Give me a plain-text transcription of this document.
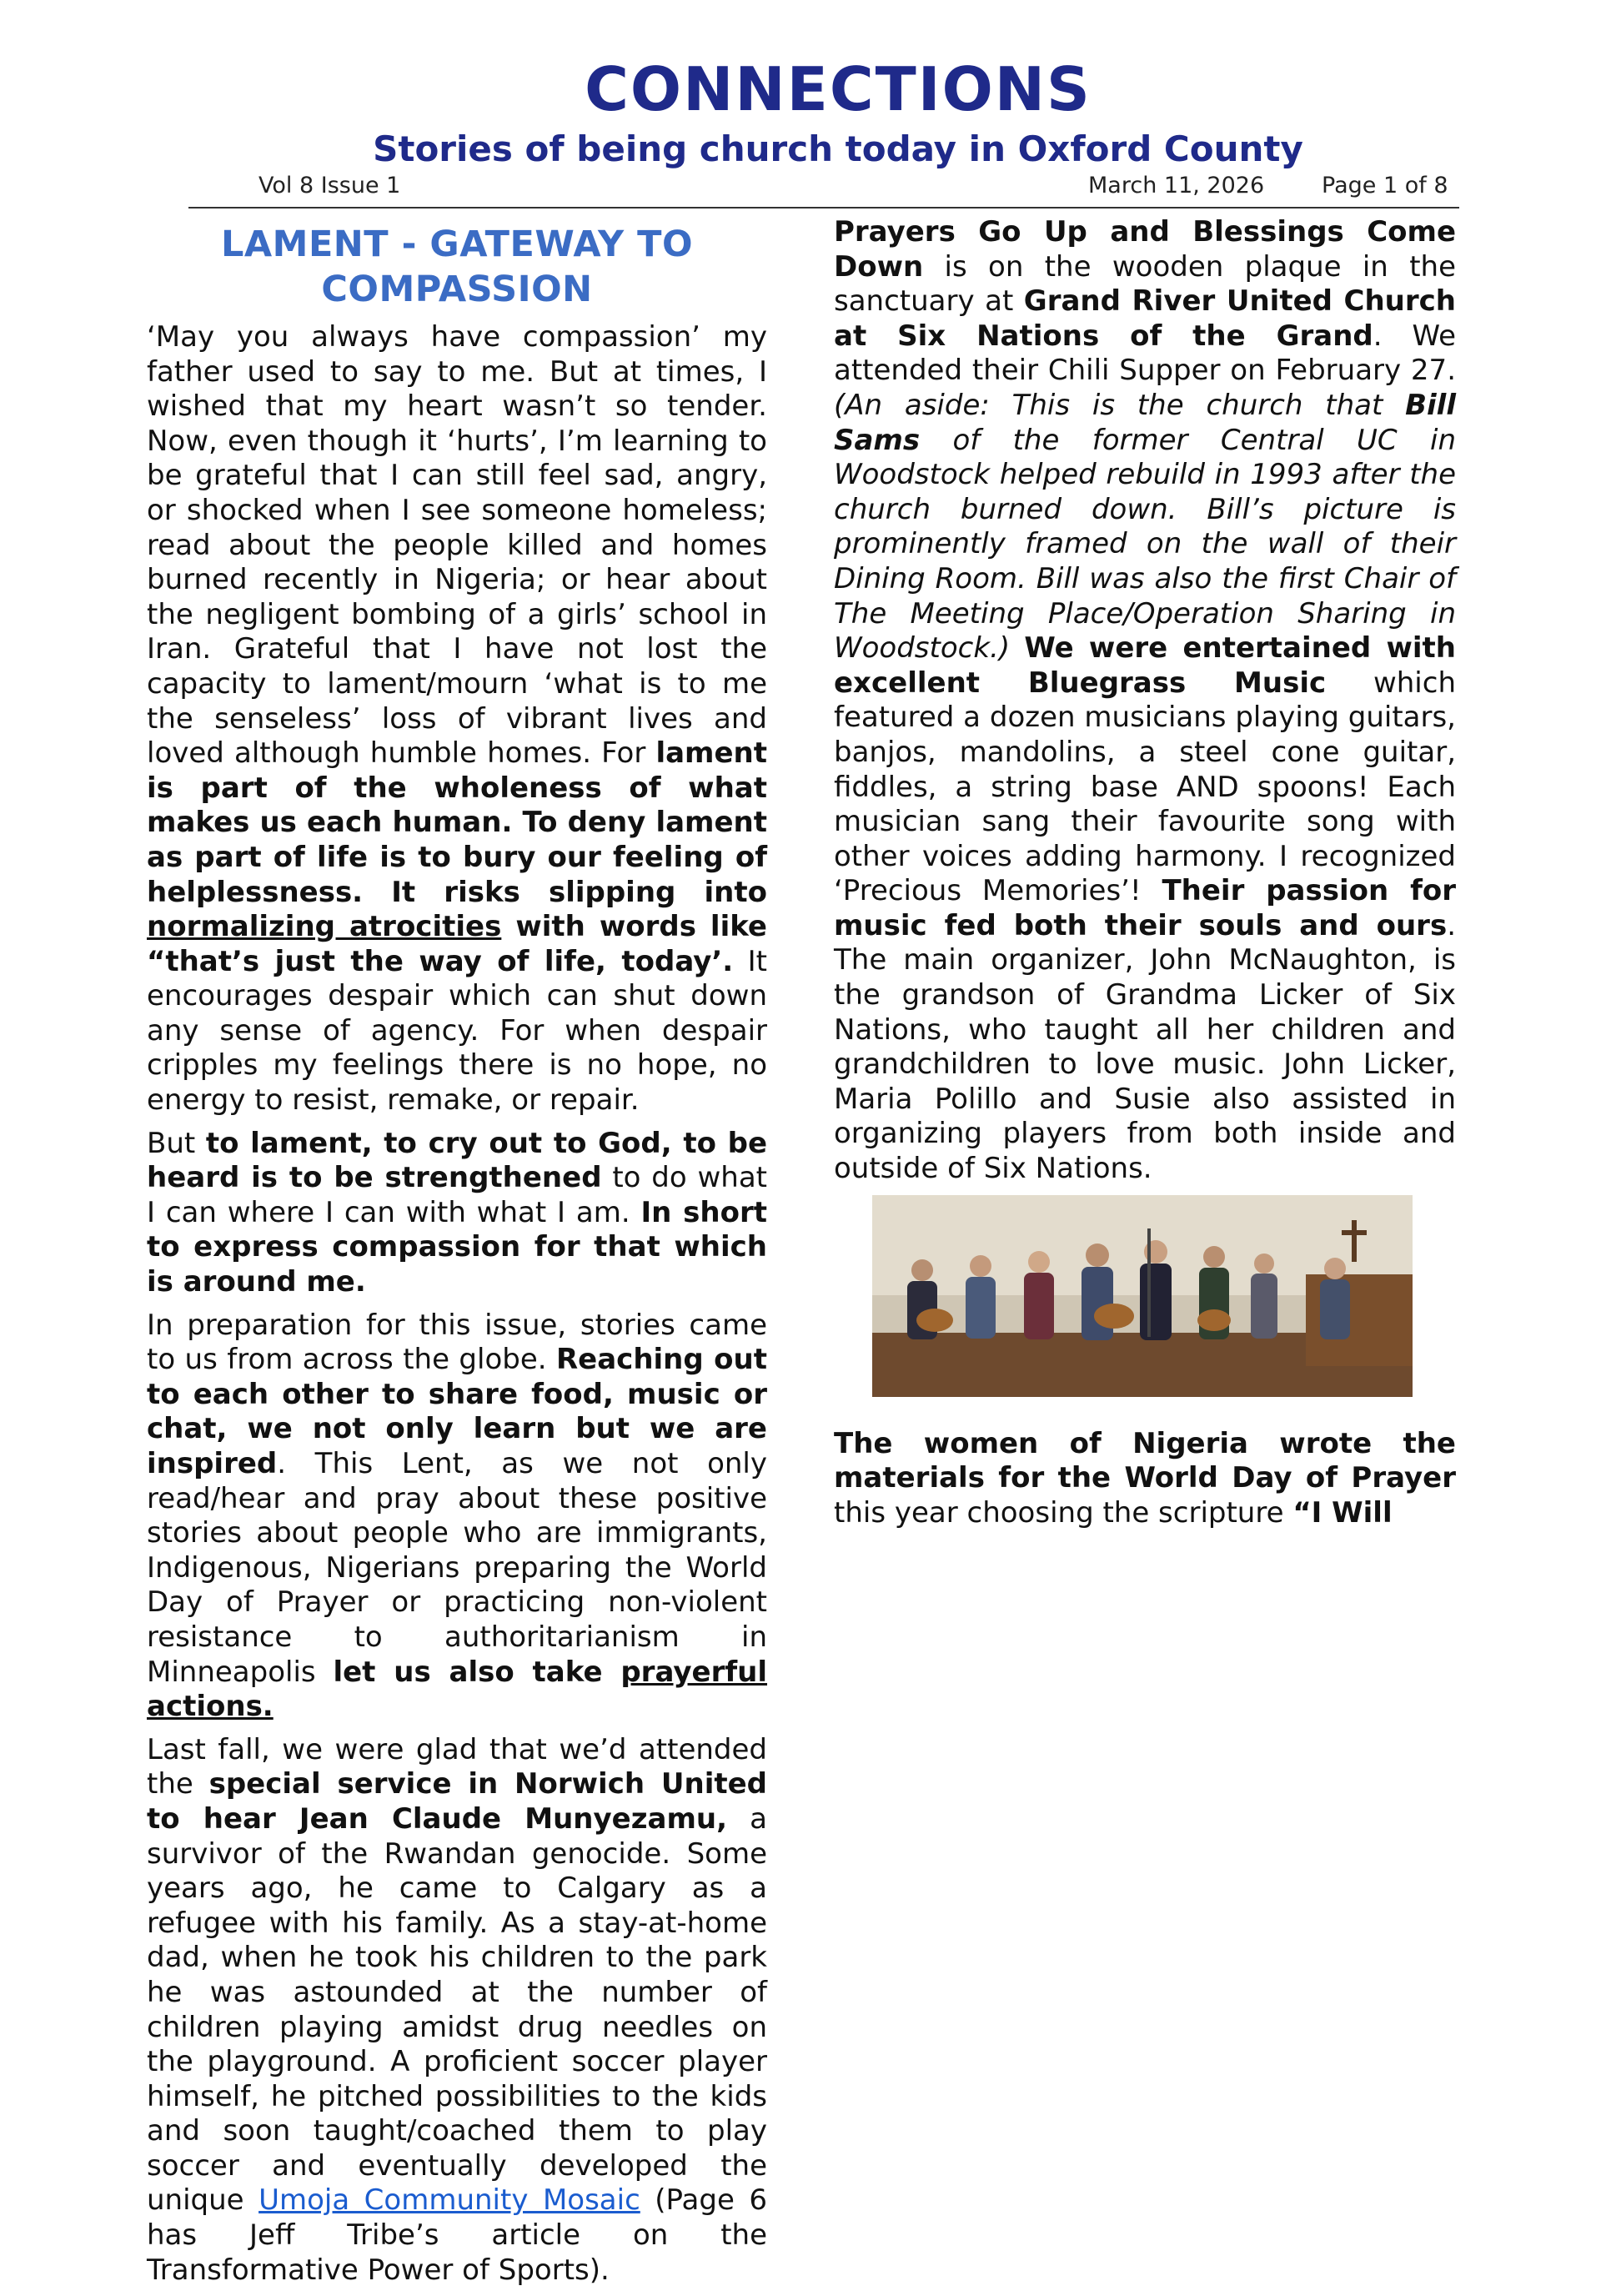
CONNECTIONS
Stories of being church today in Oxford County
Vol 8 Issue 1	March 11, 2026	Page 1 of 8

LAMENT - GATEWAY TO COMPASSION

‘May you always have compassion’ my father used to say to me. But at times, I wished that my heart wasn’t so tender. Now, even though it ‘hurts’, I’m learning to be grateful that I can still feel sad, angry, or shocked when I see someone homeless; read about the people killed and homes burned recently in Nigeria; or hear about the negligent bombing of a girls’ school in Iran. Grateful that I have not lost the capacity to lament/mourn ‘what is to me the senseless’ loss of vibrant lives and loved although humble homes. For lament is part of the wholeness of what makes us each human. To deny lament as part of life is to bury our feeling of helplessness. It risks slipping into normalizing atrocities with words like “that’s just the way of life, today’. It encourages despair which can shut down any sense of agency. For when despair cripples my feelings there is no hope, no energy to resist, remake, or repair.

But to lament, to cry out to God, to be heard is to be strengthened to do what I can where I can with what I am. In short to express compassion for that which is around me.

In preparation for this issue, stories came to us from across the globe. Reaching out to each other to share food, music or chat, we not only learn but we are inspired. This Lent, as we not only read/hear and pray about these positive stories about people who are immigrants, Indigenous, Nigerians preparing the World Day of Prayer or practicing non-violent resistance to authoritarianism in Minneapolis let us also take prayerful actions.

Last fall, we were glad that we’d attended the special service in Norwich United to hear Jean Claude Munyezamu, a survivor of the Rwandan genocide. Some years ago, he came to Calgary as a refugee with his family. As a stay-at-home dad, when he took his children to the park he was astounded at the number of children playing amidst drug needles on the playground. A proficient soccer player himself, he pitched possibilities to the kids and soon taught/coached them to play soccer and eventually developed the unique Umoja Community Mosaic (Page 6 has Jeff Tribe’s article on the Transformative Power of Sports).

Prayers Go Up and Blessings Come Down is on the wooden plaque in the sanctuary at Grand River United Church at Six Nations of the Grand. We attended their Chili Supper on February 27. (An aside: This is the church that Bill Sams of the former Central UC in Woodstock helped rebuild in 1993 after the church burned down. Bill’s picture is prominently framed on the wall of their Dining Room. Bill was also the first Chair of The Meeting Place/Operation Sharing in Woodstock.) We were entertained with excellent Bluegrass Music which featured a dozen musicians playing guitars, banjos, mandolins, a steel cone guitar, fiddles, a string base AND spoons! Each musician sang their favourite song with other voices adding harmony. I recognized ‘Precious Memories’! Their passion for music fed both their souls and ours. The main organizer, John McNaughton, is the grandson of Grandma Licker of Six Nations, who taught all her children and grandchildren to love music. John Licker, Maria Polillo and Susie also assisted in organizing players from both inside and outside of Six Nations.

The women of Nigeria wrote the materials for the World Day of Prayer this year choosing the scripture “I Will
